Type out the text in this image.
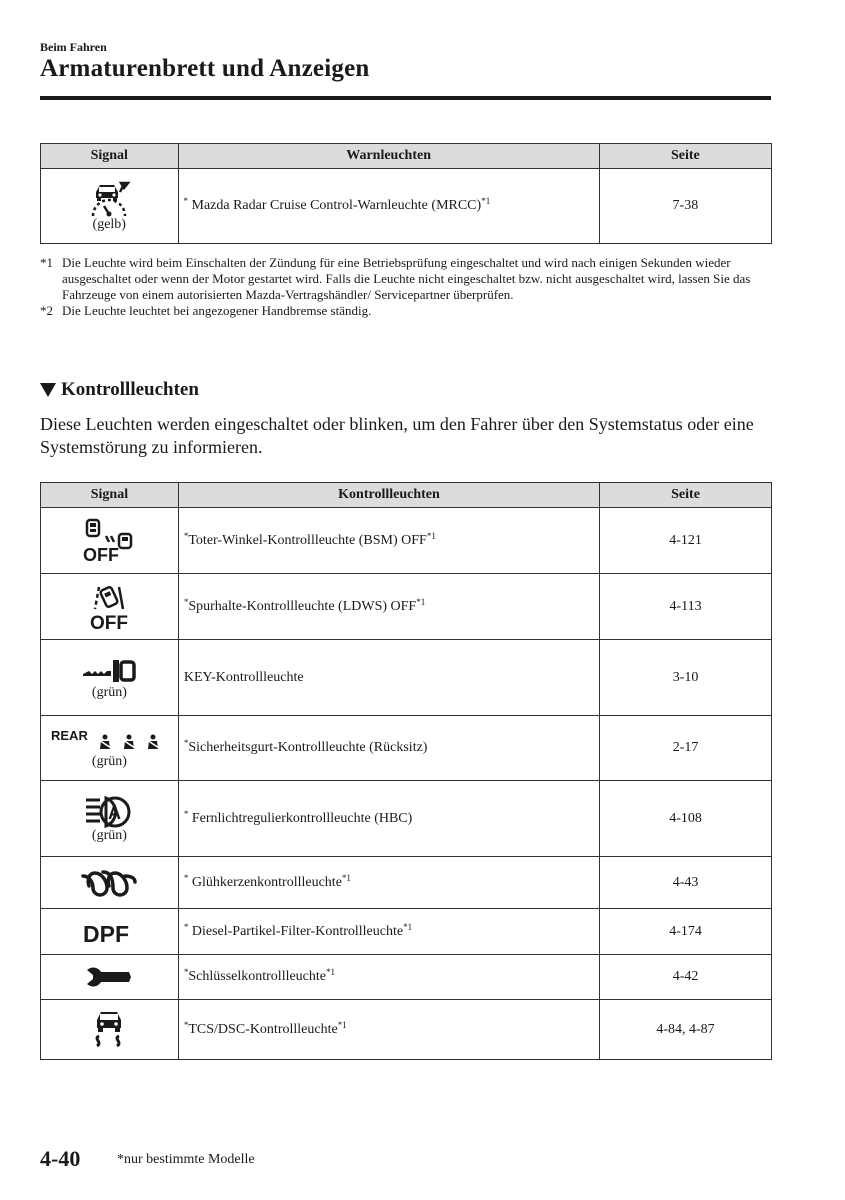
Beim Fahren
Armaturenbrett und Anzeigen
Signal	Warnleuchten	Seite

(gelb)	* Mazda Radar Cruise Control-Warnleuchte (MRCC)$^{*1}$	7-38
*1 Die Leuchte wird beim Einschalten der Zündung für eine Betriebsprüfung eingeschaltet und wird nach einigen Sekunden wieder ausgeschaltet oder wenn der Motor gestartet wird. Falls die Leuchte nicht eingeschaltet bzw. nicht ausgeschaltet wird, lassen Sie das Fahrzeuge von einem autorisierten Mazda-Vertragshändler/ Servicepartner überprüfen.
*2 Die Leuchte leuchtet bei angezogener Handbremse ständig.
Kontrollleuchten
Diese Leuchten werden eingeschaltet oder blinken, um den Fahrer über den Systemstatus oder eine Systemstörung zu informieren.
Signal	Kontrollleuchten	Seite

OFF	*Toter-Winkel-Kontrollleuchte (BSM) OFF$^{*1}$	4-121

OFF	*Spurhalte-Kontrollleuchte (LDWS) OFF$^{*1}$	4-113

(grün)	KEY-Kontrollleuchte	3-10

REAR
(grün)	*Sicherheitsgurt-Kontrollleuchte (Rücksitz)	2-17

A
(grün)	* Fernlichtregulierkontrollleuchte (HBC)	4-108

	* Glühkerzenkontrollleuchte$^{*1}$	4-43

DPF	* Diesel-Partikel-Filter-Kontrollleuchte$^{*1}$	4-174

	*Schlüsselkontrollleuchte$^{*1}$	4-42

	*TCS/DSC-Kontrollleuchte$^{*1}$	4-84, 4-87
4-40	*nur bestimmte Modelle
